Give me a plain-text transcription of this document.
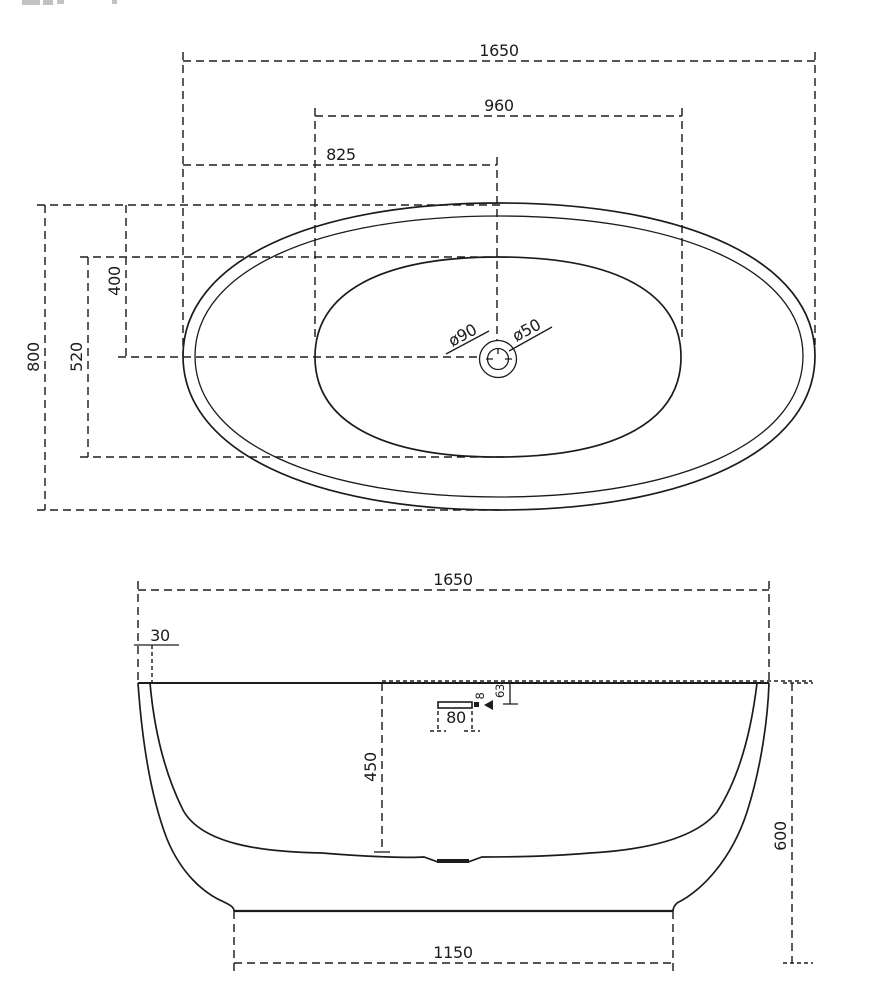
1650
960
825
800 520
400
ø90 ø50
1650
30
450
80
8 63
600
1150
